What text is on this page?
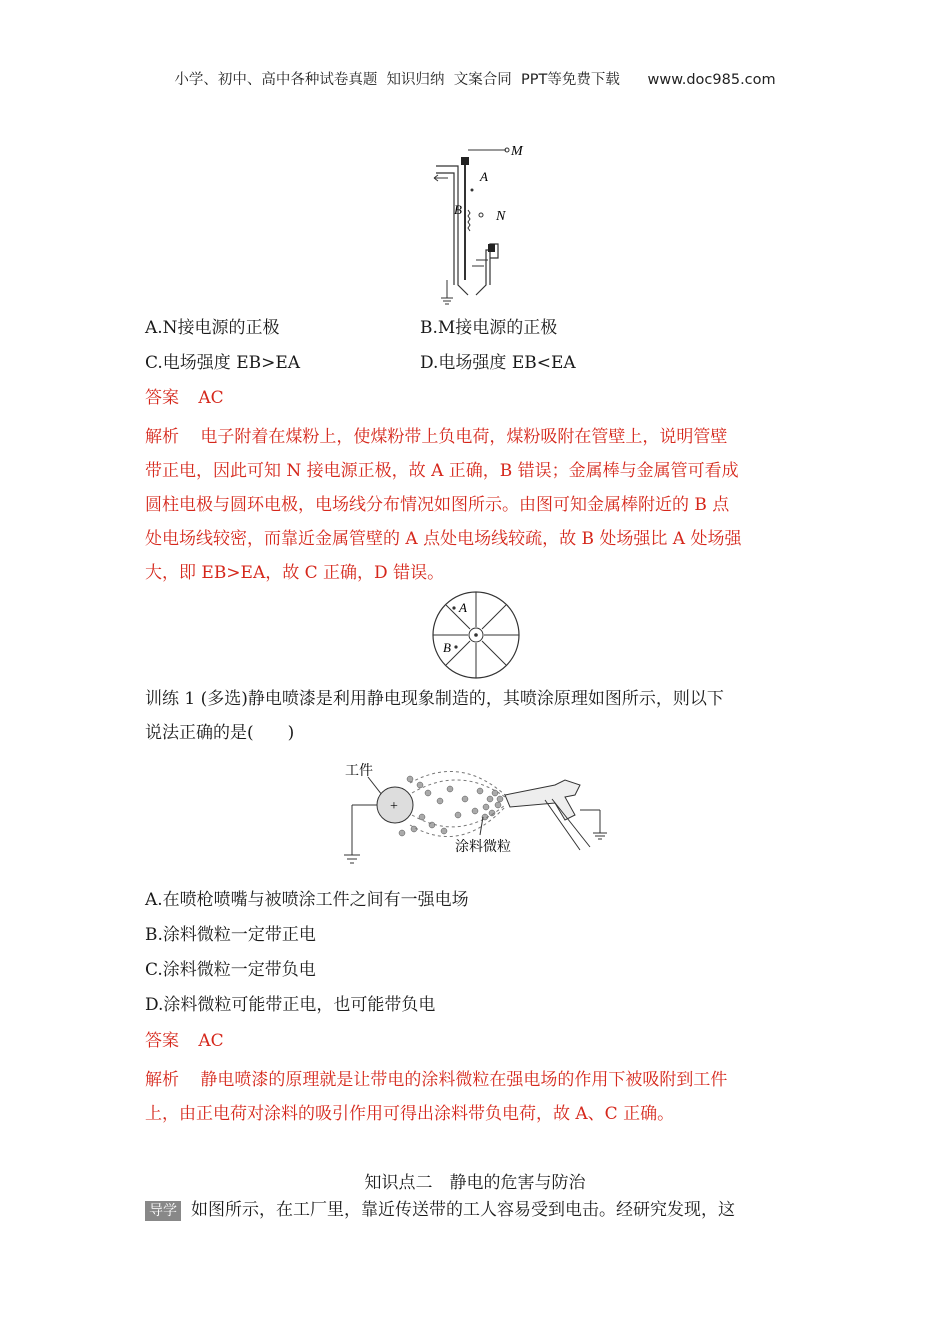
小学、初中、高中各种试卷真题  知识归纳  文案合同  PPT等免费下载      www.doc985.com
M
A
B N
A.N接电源的正极	B.M接电源的正极
C.电场强度 EB>EA	D.电场强度 EB<EA
答案 AC
解析 电子附着在煤粉上，使煤粉带上负电荷，煤粉吸附在管壁上，说明管壁
带正电，因此可知 N 接电源正极，故 A 正确，B 错误；金属棒与金属管可看成
圆柱电极与圆环电极，电场线分布情况如图所示。由图可知金属棒附近的 B 点
处电场线较密，而靠近金属管壁的 A 点处电场线较疏，故 B 处场强比 A 处场强
大，即 EB>EA，故 C 正确，D 错误。
A
B
训练 1 (多选)静电喷漆是利用静电现象制造的，其喷涂原理如图所示，则以下
说法正确的是(　　)
工件
+
涂料微粒
A.在喷枪喷嘴与被喷涂工件之间有一强电场
B.涂料微粒一定带正电
C.涂料微粒一定带负电
D.涂料微粒可能带正电，也可能带负电
答案 AC
解析 静电喷漆的原理就是让带电的涂料微粒在强电场的作用下被吸附到工件
上，由正电荷对涂料的吸引作用可得出涂料带负电荷，故 A、C 正确。
知识点二　静电的危害与防治
导学 如图所示，在工厂里，靠近传送带的工人容易受到电击。经研究发现，这
